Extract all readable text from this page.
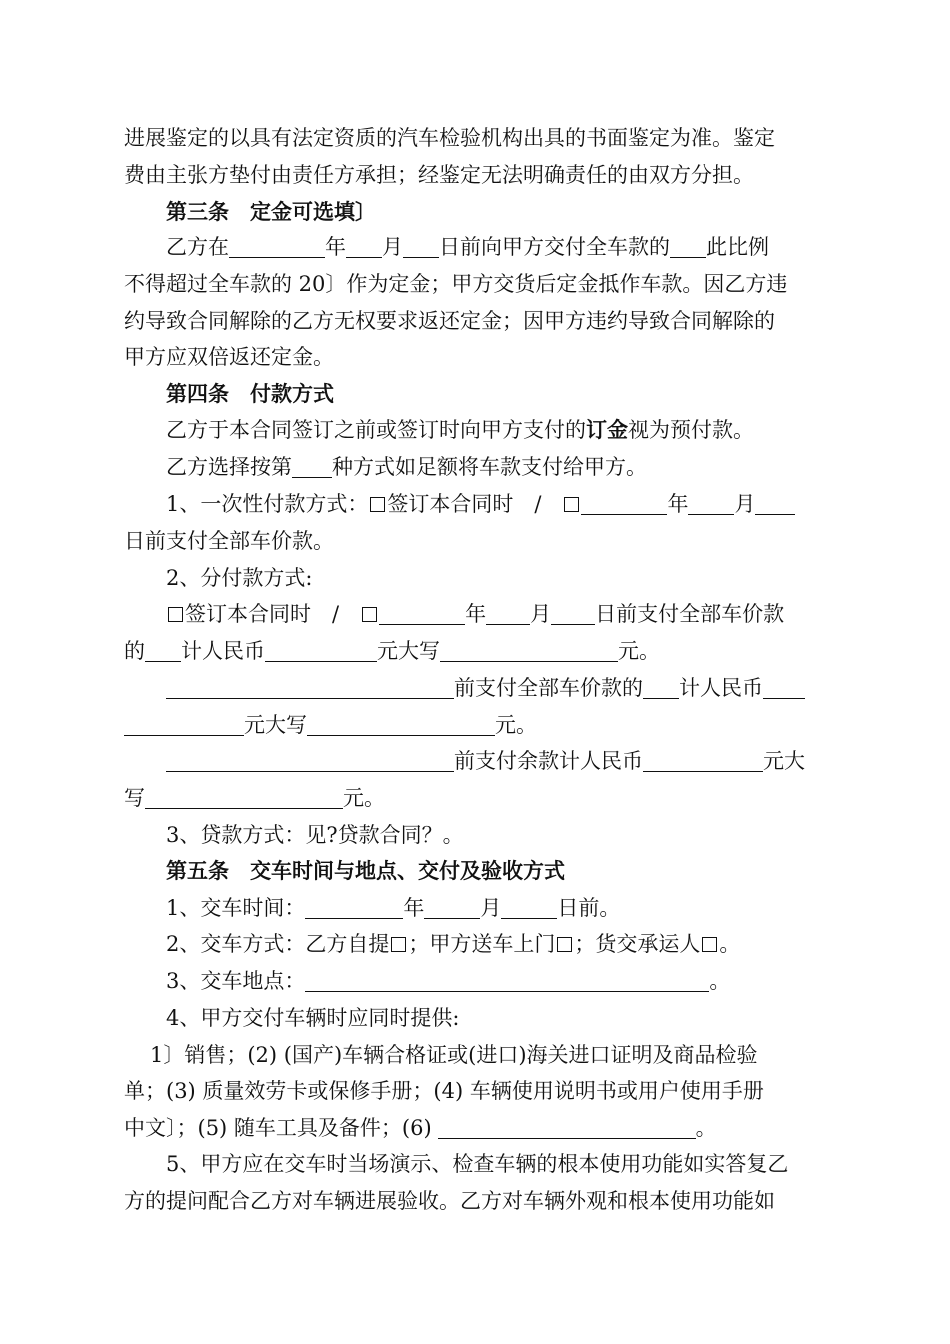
进展鉴定的以具有法定资质的汽车检验机构出具的书面鉴定为准。鉴定
费由主张方垫付由责任方承担；经鉴定无法明确责任的由双方分担。
第三条　定金可选填〕
乙方在	年 月 日前向甲方交付全车款的 此比例
不得超过全车款的 20〕作为定金；甲方交货后定金抵作车款。因乙方违
约导致合同解除的乙方无权要求返还定金；因甲方违约导致合同解除的
甲方应双倍返还定金。
第四条　付款方式
乙方于本合同签订之前或签订时向甲方支付的订金视为预付款。
乙方选择按第 种方式如足额将车款支付给甲方。
1、一次性付款方式： 签订本合同时　/　	年 月
日前支付全部车价款。
2、分付款方式:
签订本合同时　/　	年 月 日前支付全部车价款
的 计人民币	元大写	元。
前支付全部车价款的 计人民币
元大写	元。
前支付余款计人民币	元大
写	元。
3、贷款方式：见?贷款合同？。
第五条　交车时间与地点、交付及验收方式
1、交车时间：	年	月	日前。
2、交车方式：乙方自提 ；甲方送车上门 ；货交承运人 。
3、交车地点：	。
4、甲方交付车辆时应同时提供:
1〕销售；(2) (国产)车辆合格证或(进口)海关进口证明及商品检验
单；(3) 质量效劳卡或保修手册；(4) 车辆使用说明书或用户使用手册
中文〕；(5) 随车工具及备件；(6)	。
5、甲方应在交车时当场演示、检查车辆的根本使用功能如实答复乙
方的提问配合乙方对车辆进展验收。乙方对车辆外观和根本使用功能如
